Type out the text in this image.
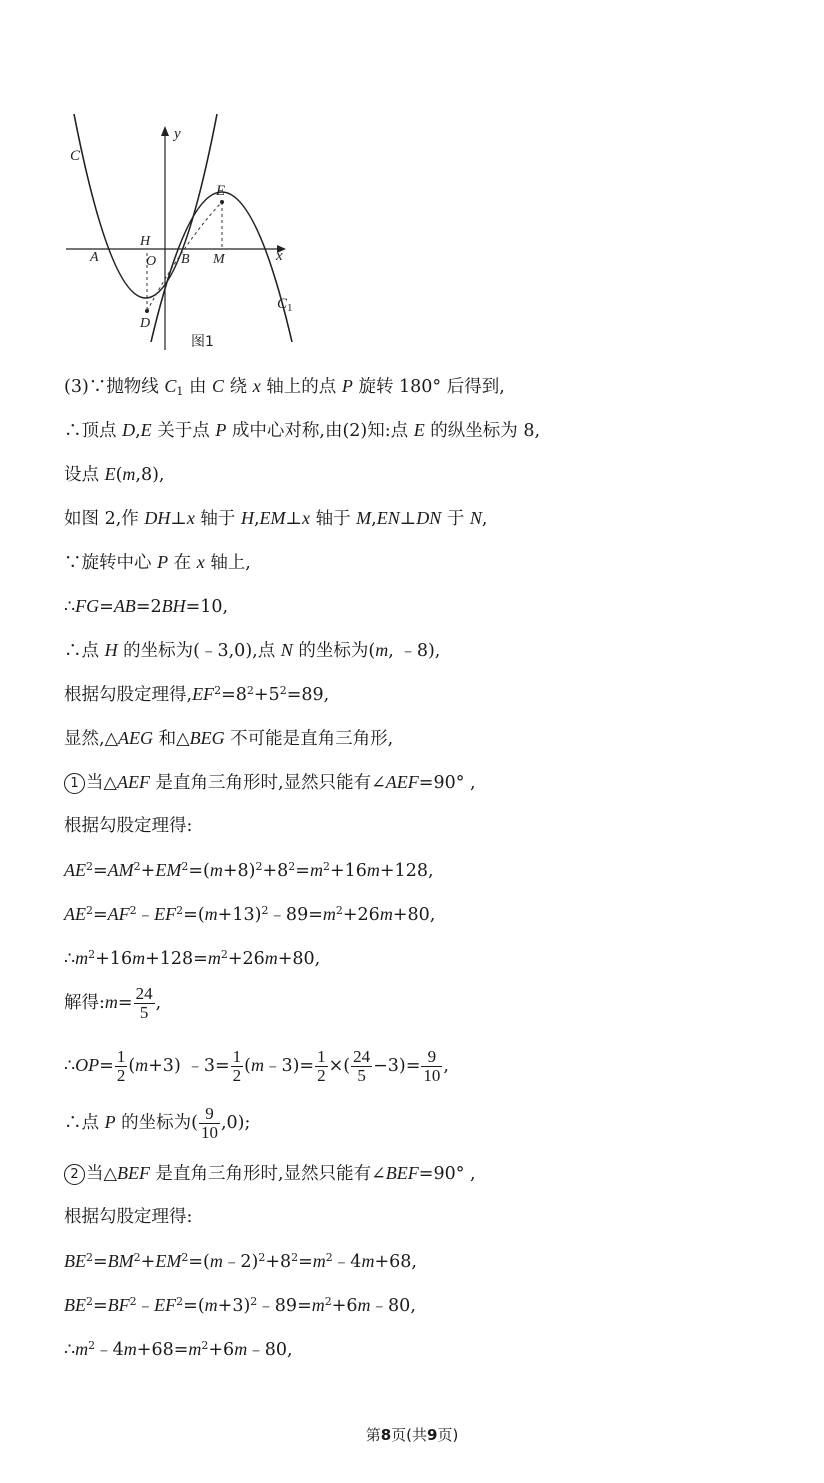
C
y
E
H
A	O B M	x
$C_1$
D
图1
(3)∵抛物线 $C_1$ 由 C 绕 x 轴上的点 P 旋转 180° 后得到,
∴顶点 D,E 关于点 P 成中心对称,由(2)知:点 E 的纵坐标为 8,
设点 E(m,8),
如图 2,作 DH⊥x 轴于 H,EM⊥x 轴于 M,EN⊥DN 于 N,
∵旋转中心 P 在 x 轴上,
∴FG=AB=2BH=10,
∴点 H 的坐标为(﹣3,0),点 N 的坐标为(m, ﹣8),
根据勾股定理得$,EF^2=8^2+5^2=89$,
显然,△AEG 和△BEG 不可能是直角三角形,
1 当△AEF 是直角三角形时,显然只能有∠AEF=90° ,
根据勾股定理得:
$AE^2=AM^2+EM^2=(m+8)^2+8^2=m^2+16m+128$,
$AE^2=AF^2﹣EF^2=(m+13)^2﹣89=m^2+26m+80$,
$\therefore m^2+16m+128=m^2+26m+80$,
解得:m= $\frac{24}{5}$ ,
∴OP= $\frac{1}{2} (m+3)$ ﹣3= $\frac{1}{2}$ (m﹣3)= $\frac{1}{2}$ ×( $\frac{24}{5} -3)= \frac{9}{10}$ ,
∴点 P 的坐标为( $\frac{9}{10} ,0$);
2 当△BEF 是直角三角形时,显然只能有∠BEF=90° ,
根据勾股定理得:
$BE^2=BM^2+EM^2=(m﹣2)^2+8^2=m^2﹣4m+68$,
$BE^2=BF^2﹣EF^2=(m+3)^2﹣89=m^2+6m﹣80$,
$\therefore m^2﹣4m+68=m^2+6m﹣80$,
第8页(共9页)
